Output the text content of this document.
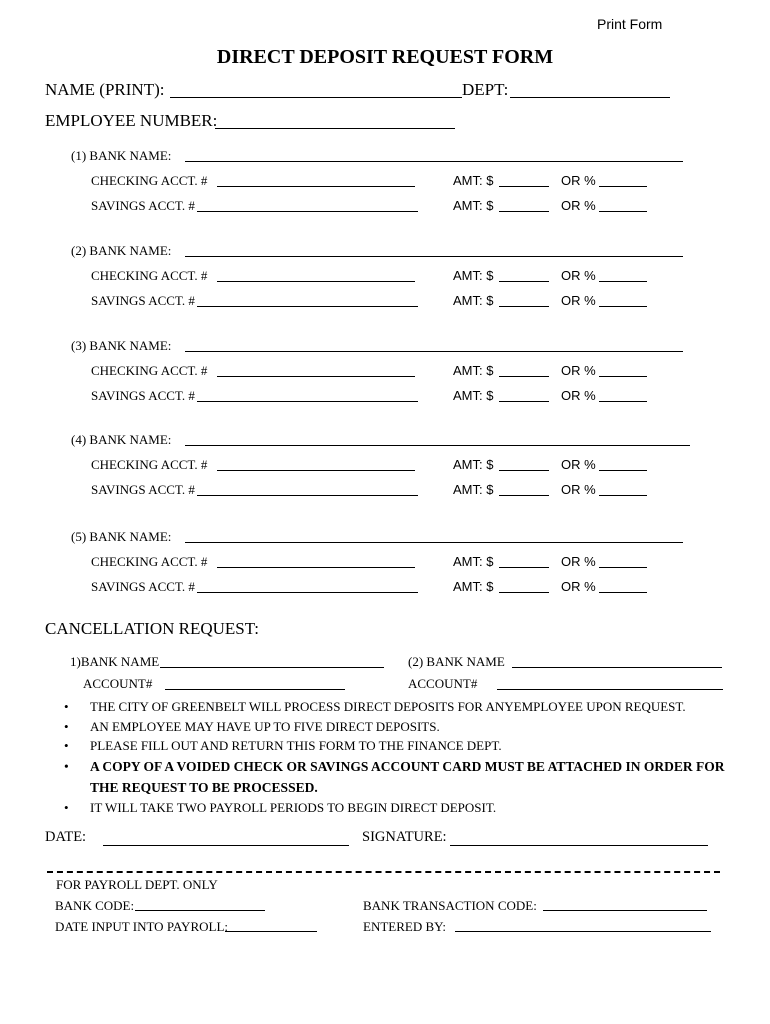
Print Form
DIRECT DEPOSIT REQUEST FORM
NAME (PRINT):	DEPT:
EMPLOYEE NUMBER:
(1) BANK NAME:
CHECKING ACCT. #	AMT: $	OR %
SAVINGS ACCT. #	AMT: $	OR %
(2) BANK NAME:
CHECKING ACCT. #	AMT: $	OR %
SAVINGS ACCT. #	AMT: $	OR %
(3) BANK NAME:
CHECKING ACCT. #	AMT: $	OR %
SAVINGS ACCT. #	AMT: $	OR %
(4) BANK NAME:
CHECKING ACCT. #	AMT: $	OR %
SAVINGS ACCT. #	AMT: $	OR %
(5) BANK NAME:
CHECKING ACCT. #	AMT: $	OR %
SAVINGS ACCT. #	AMT: $	OR %
CANCELLATION REQUEST:
1)BANK NAME	(2) BANK NAME
ACCOUNT#	ACCOUNT#
•	THE CITY OF GREENBELT WILL PROCESS DIRECT DEPOSITS FOR ANYEMPLOYEE UPON REQUEST.
•	AN EMPLOYEE MAY HAVE UP TO FIVE DIRECT DEPOSITS.
•	PLEASE FILL OUT AND RETURN THIS FORM TO THE FINANCE DEPT.
•	A COPY OF A VOIDED CHECK OR SAVINGS ACCOUNT CARD MUST BE ATTACHED IN ORDER FOR THE REQUEST TO BE PROCESSED.
•	IT WILL TAKE TWO PAYROLL PERIODS TO BEGIN DIRECT DEPOSIT.
DATE:	SIGNATURE:
FOR PAYROLL DEPT. ONLY
BANK CODE:	BANK TRANSACTION CODE:
DATE INPUT INTO PAYROLL:	ENTERED BY:
